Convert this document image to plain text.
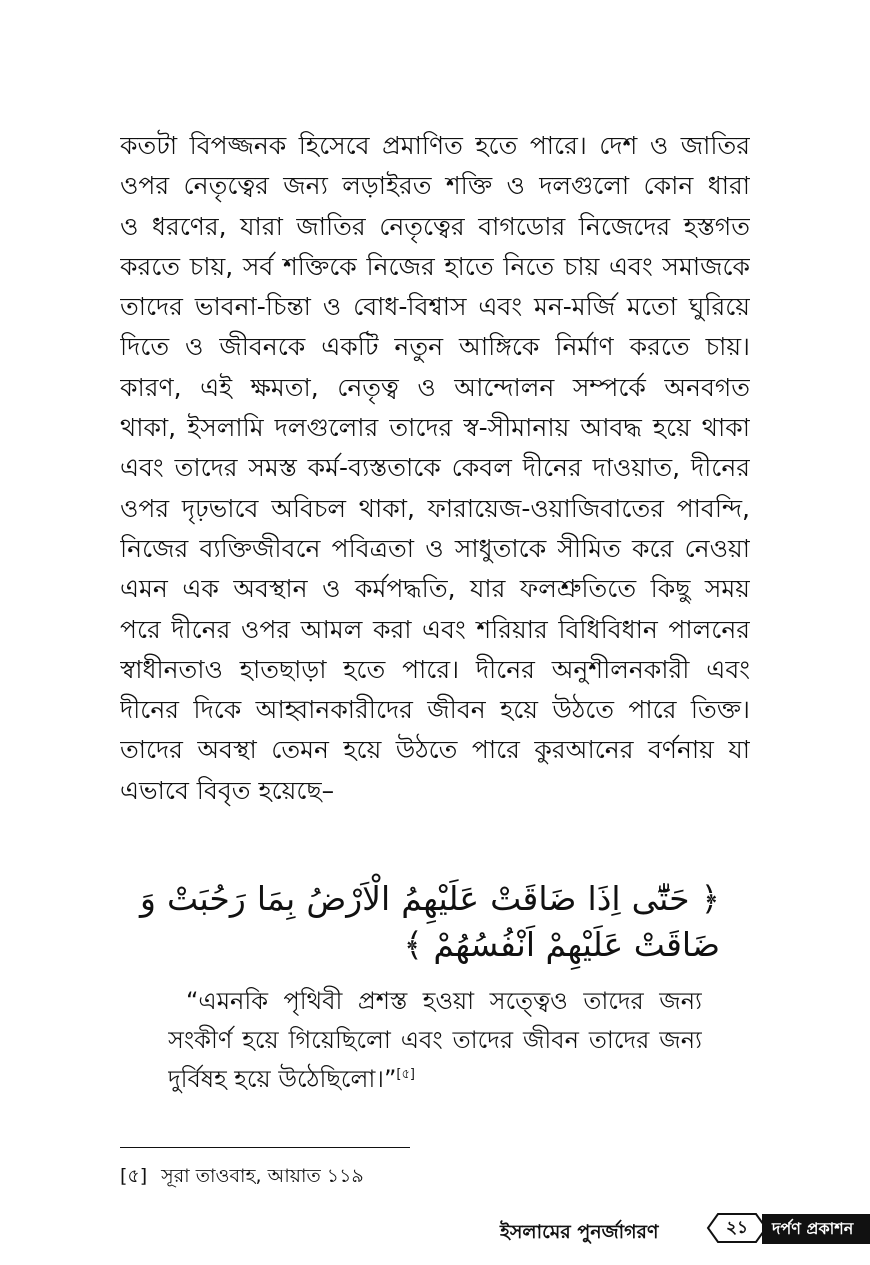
কতটা বিপজ্জনক হিসেবে প্রমাণিত হতে পারে। দেশ ও জাতির
ওপর নেতৃত্বের জন্য লড়াইরত শক্তি ও দলগুলো কোন ধারা
ও ধরণের, যারা জাতির নেতৃত্বের বাগডোর নিজেদের হস্তগত
করতে চায়, সর্ব শক্তিকে নিজের হাতে নিতে চায় এবং সমাজকে
তাদের ভাবনা-চিন্তা ও বোধ-বিশ্বাস এবং মন-মর্জি মতো ঘুরিয়ে
দিতে ও জীবনকে একটি নতুন আঙ্গিকে নির্মাণ করতে চায়।
কারণ, এই ক্ষমতা, নেতৃত্ব ও আন্দোলন সম্পর্কে অনবগত
থাকা, ইসলামি দলগুলোর তাদের স্ব-সীমানায় আবদ্ধ হয়ে থাকা
এবং তাদের সমস্ত কর্ম-ব্যস্ততাকে কেবল দীনের দাওয়াত, দীনের
ওপর দৃঢ়ভাবে অবিচল থাকা, ফারায়েজ-ওয়াজিবাতের পাবন্দি,
নিজের ব্যক্তিজীবনে পবিত্রতা ও সাধুতাকে সীমিত করে নেওয়া
এমন এক অবস্থান ও কর্মপদ্ধতি, যার ফলশ্রুতিতে কিছু সময়
পরে দীনের ওপর আমল করা এবং শরিয়ার বিধিবিধান পালনের
স্বাধীনতাও হাতছাড়া হতে পারে। দীনের অনুশীলনকারী এবং
দীনের দিকে আহ্বানকারীদের জীবন হয়ে উঠতে পারে তিক্ত।
তাদের অবস্থা তেমন হয়ে উঠতে পারে কুরআনের বর্ণনায় যা
এভাবে বিবৃত হয়েছে–
﴿ حَتّٰٓى اِذَا ضَاقَتْ عَلَيْهِمُ الْاَرْضُ بِمَا رَحُبَتْ وَ
ضَاقَتْ عَلَيْهِمْ اَنْفُسُهُمْ ﴾
“এমনকি পৃথিবী প্রশস্ত হওয়া সত্ত্বেও তাদের জন্য
সংকীর্ণ হয়ে গিয়েছিলো এবং তাদের জীবন তাদের জন্য
দুর্বিষহ হয়ে উঠেছিলো।”[৫]
[৫] সূরা তাওবাহ, আয়াত ১১৯
ইসলামের পুনর্জাগরণ	২১	দর্পণ প্রকাশন
